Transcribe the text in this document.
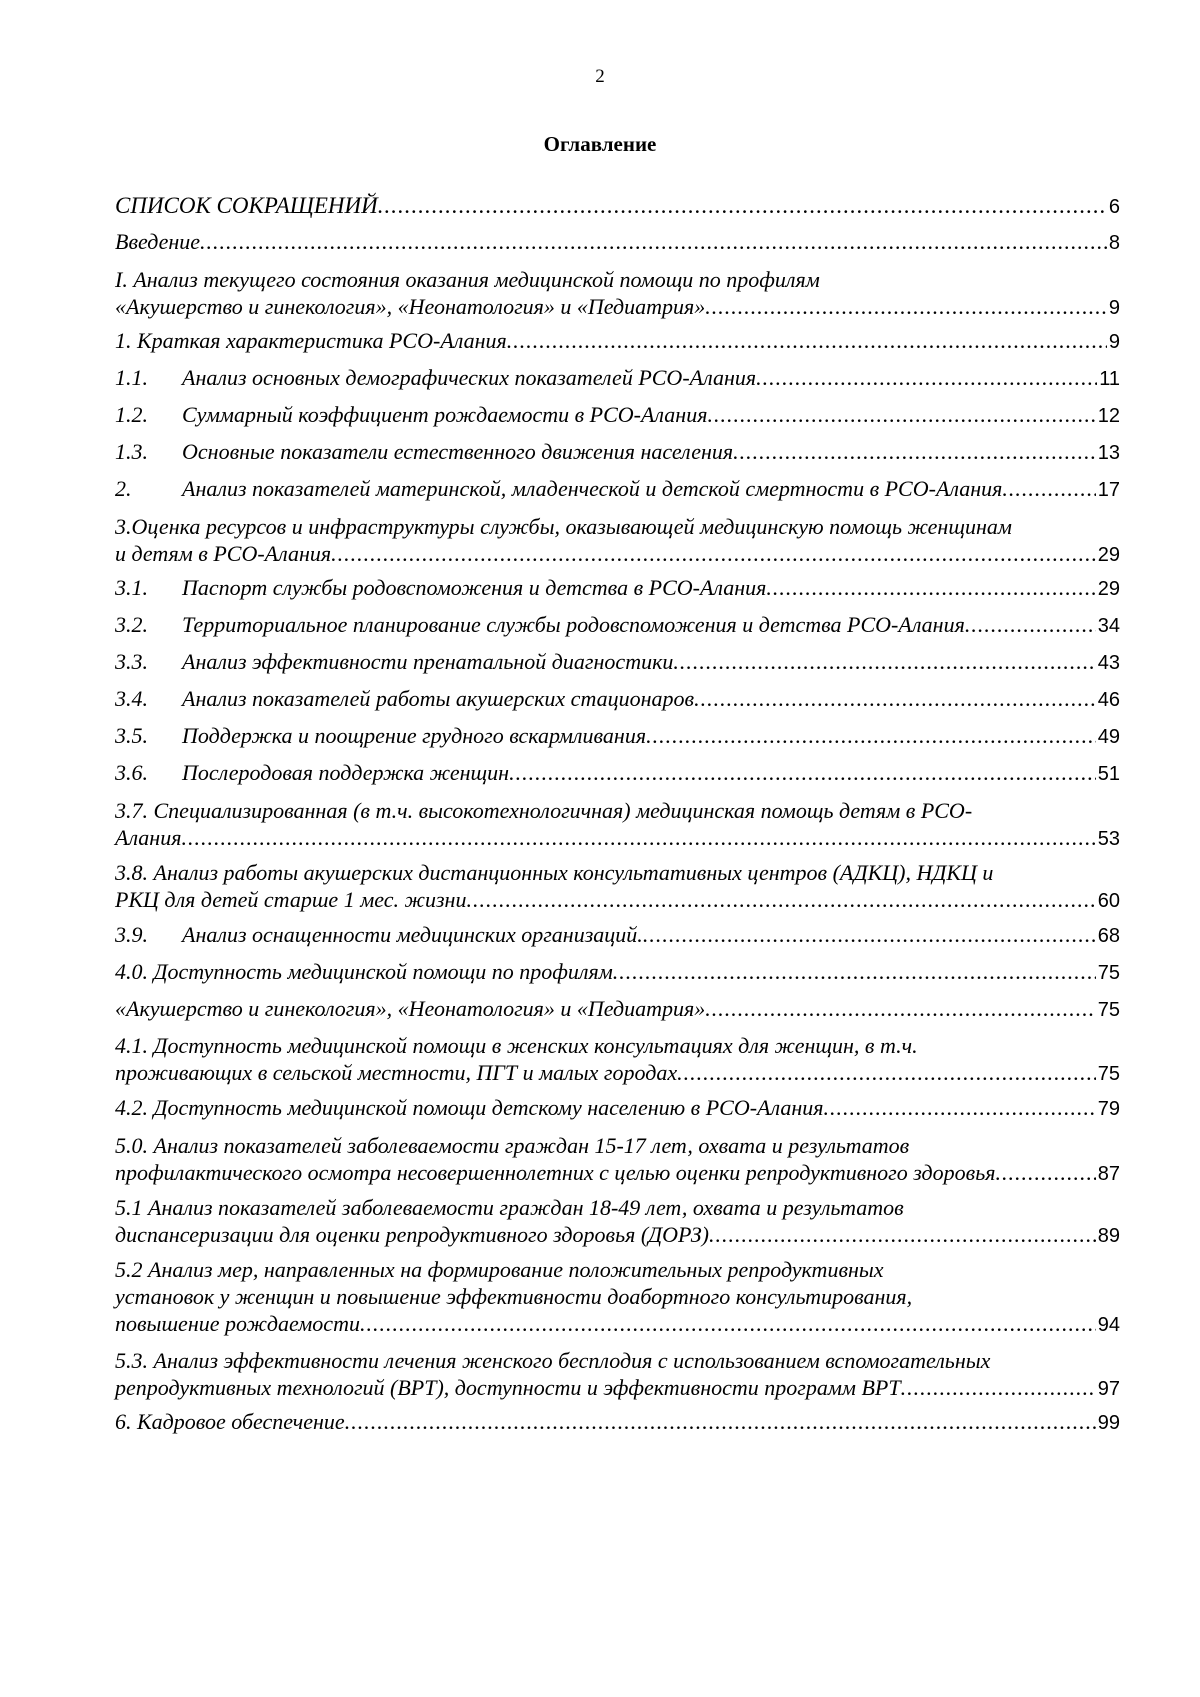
2
Оглавление
СПИСОК СОКРАЩЕНИЙ .....	6
Введение .....	8
I. Анализ текущего состояния оказания медицинской помощи по профилям
«Акушерство и гинекология», «Неонатология» и «Педиатрия» .....	9
1. Краткая характеристика РСО-Алания .....	9
1.1.	Анализ основных демографических показателей РСО-Алания .....	11
1.2.	Суммарный коэффициент рождаемости в РСО-Алания .....	12
1.3.	Основные показатели естественного движения населения .....	13
2.	Анализ показателей материнской, младенческой и детской смертности в РСО-Алания .....	17
3.Оценка ресурсов и инфраструктуры службы, оказывающей медицинскую помощь женщинам
и детям в РСО-Алания .....	29
3.1.	Паспорт службы родовспоможения и детства в РСО-Алания .....	29
3.2.	Территориальное планирование службы родовспоможения и детства РСО-Алания .....	34
3.3.	Анализ эффективности пренатальной диагностики .....	43
3.4.	Анализ показателей работы акушерских стационаров .....	46
3.5.	Поддержка и поощрение грудного вскармливания .....	49
3.6.	Послеродовая поддержка женщин .....	51
3.7. Специализированная (в т.ч. высокотехнологичная) медицинская помощь детям в РСО-
Алания .....	53
3.8. Анализ работы акушерских дистанционных консультативных центров (АДКЦ), НДКЦ и
РКЦ для детей старше 1 мес. жизни .....	60
3.9.	Анализ оснащенности медицинских организаций. .....	68
4.0. Доступность медицинской помощи по профилям .....	75
«Акушерство и гинекология», «Неонатология» и «Педиатрия» .....	75
4.1. Доступность медицинской помощи в женских консультациях для женщин, в т.ч.
проживающих в сельской местности, ПГТ и малых городах .....	75
4.2. Доступность медицинской помощи детскому населению в РСО-Алания .....	79
5.0. Анализ показателей заболеваемости граждан 15-17 лет, охвата и результатов
профилактического осмотра несовершеннолетних с целью оценки репродуктивного здоровья .....	87
5.1 Анализ показателей заболеваемости граждан 18-49 лет, охвата и результатов
диспансеризации для оценки репродуктивного здоровья (ДОРЗ) .....	89
5.2 Анализ мер, направленных на формирование положительных репродуктивных
установок у женщин и повышение эффективности доабортного консультирования,
повышение рождаемости .....	94
5.3. Анализ эффективности лечения женского бесплодия с использованием вспомогательных
репродуктивных технологий (ВРТ), доступности и эффективности программ ВРТ .....	97
6. Кадровое обеспечение .....	99
